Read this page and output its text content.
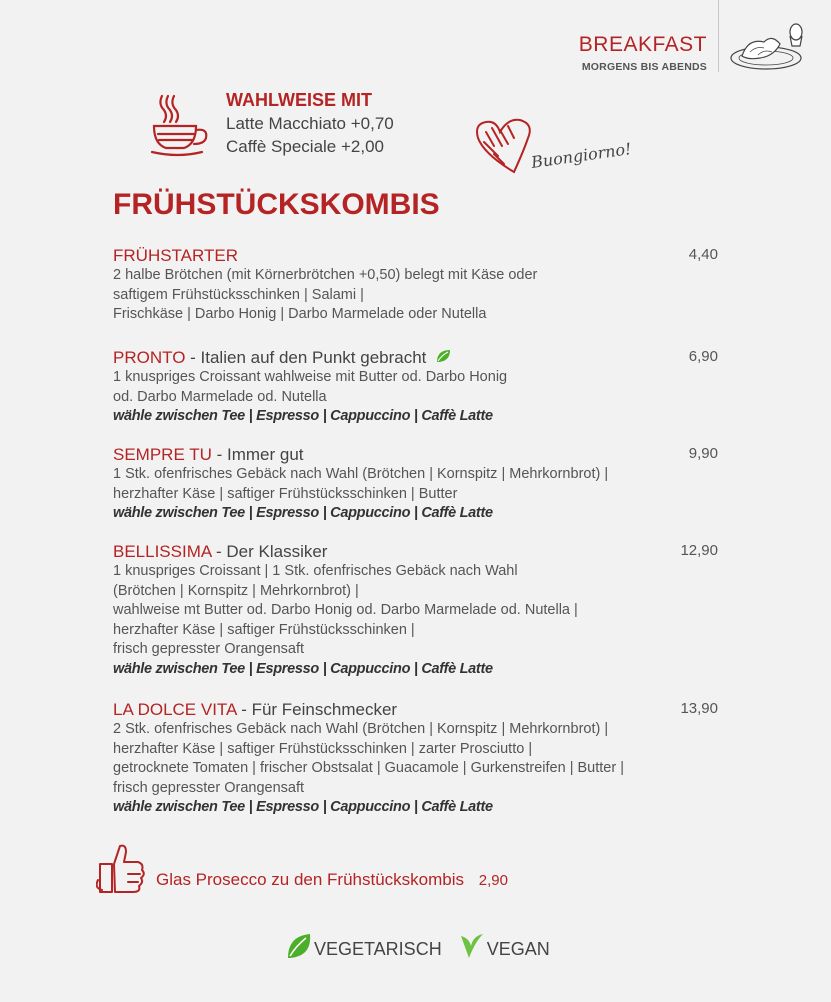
BREAKFAST
MORGENS BIS ABENDS
WAHLWEISE MIT
Latte Macchiato +0,70
Caffè Speciale +2,00	Buongiorno!
FRÜHSTÜCKSKOMBIS
FRÜHSTARTER	4,40
2 halbe Brötchen (mit Körnerbrötchen +0,50) belegt mit Käse oder
saftigem Frühstücksschinken | Salami |
Frischkäse | Darbo Honig | Darbo Marmelade oder Nutella
PRONTO - Italien auf den Punkt gebracht	6,90
1 knuspriges Croissant wahlweise mit Butter od. Darbo Honig
od. Darbo Marmelade od. Nutella
wähle zwischen Tee | Espresso | Cappuccino | Caffè Latte
SEMPRE TU - Immer gut	9,90
1 Stk. ofenfrisches Gebäck nach Wahl (Brötchen | Kornspitz | Mehrkornbrot) |
herzhafter Käse | saftiger Frühstücksschinken | Butter
wähle zwischen Tee | Espresso | Cappuccino | Caffè Latte
BELLISSIMA - Der Klassiker	12,90
1 knuspriges Croissant | 1 Stk. ofenfrisches Gebäck nach Wahl
(Brötchen | Kornspitz | Mehrkornbrot) |
wahlweise mt Butter od. Darbo Honig od. Darbo Marmelade od. Nutella |
herzhafter Käse | saftiger Frühstücksschinken |
frisch gepresster Orangensaft
wähle zwischen Tee | Espresso | Cappuccino | Caffè Latte
LA DOLCE VITA - Für Feinschmecker	13,90
2 Stk. ofenfrisches Gebäck nach Wahl (Brötchen | Kornspitz | Mehrkornbrot) |
herzhafter Käse | saftiger Frühstücksschinken | zarter Prosciutto |
getrocknete Tomaten | frischer Obstsalat | Guacamole | Gurkenstreifen | Butter |
frisch gepresster Orangensaft
wähle zwischen Tee | Espresso | Cappuccino | Caffè Latte
Glas Prosecco zu den Frühstückskombis 2,90
VEGETARISCH
	VEGAN
